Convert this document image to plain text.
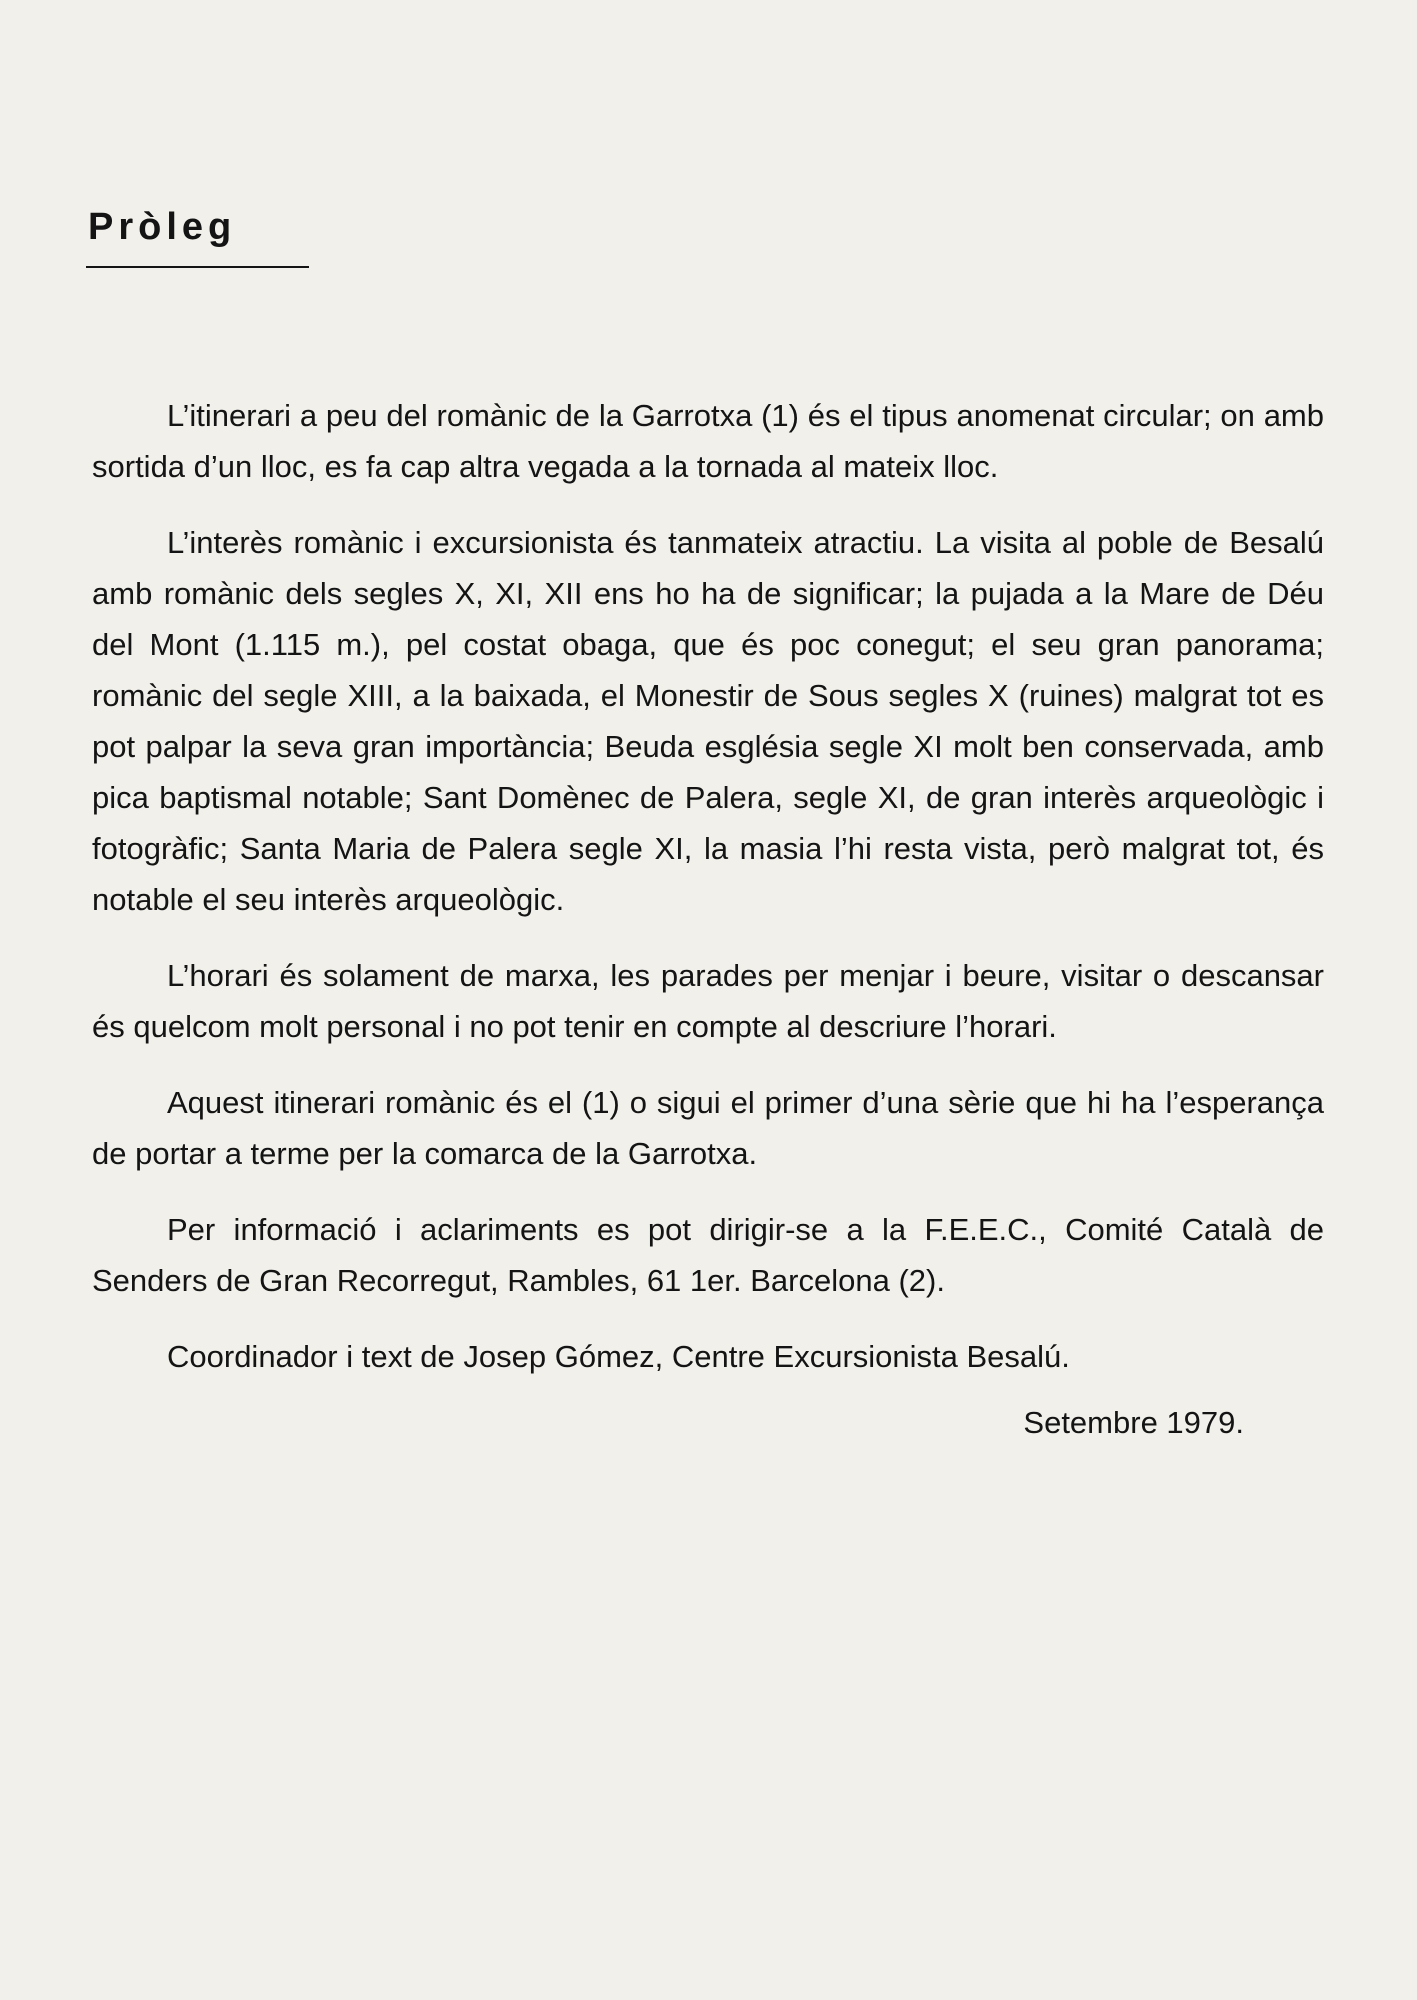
Pròleg

L’itinerari a peu del romànic de la Garrotxa (1) és el tipus anomenat circular; on amb sortida d’un lloc, es fa cap altra vegada a la tornada al mateix lloc.

L’interès romànic i excursionista és tanmateix atractiu. La visita al poble de Besalú amb romànic dels segles X, XI, XII ens ho ha de significar; la pujada a la Mare de Déu del Mont (1.115 m.), pel costat obaga, que és poc conegut; el seu gran panorama; romànic del segle XIII, a la baixada, el Monestir de Sous segles X (ruines) malgrat tot es pot palpar la seva gran importància; Beuda església segle XI molt ben conservada, amb pica baptismal notable; Sant Domènec de Palera, segle XI, de gran interès arqueològic i fotogràfic; Santa Maria de Palera segle XI, la masia l’hi resta vista, però malgrat tot, és notable el seu interès arqueològic.

L’horari és solament de marxa, les parades per menjar i beure, visitar o descansar és quelcom molt personal i no pot tenir en compte al descriure l’horari.

Aquest itinerari romànic és el (1) o sigui el primer d’una sèrie que hi ha l’esperança de portar a terme per la comarca de la Garrotxa.

Per informació i aclariments es pot dirigir-se a la F.E.E.C., Comité Català de Senders de Gran Recorregut, Rambles, 61 1er. Barcelona (2).

Coordinador i text de Josep Gómez, Centre Excursionista Besalú.

Setembre 1979.
